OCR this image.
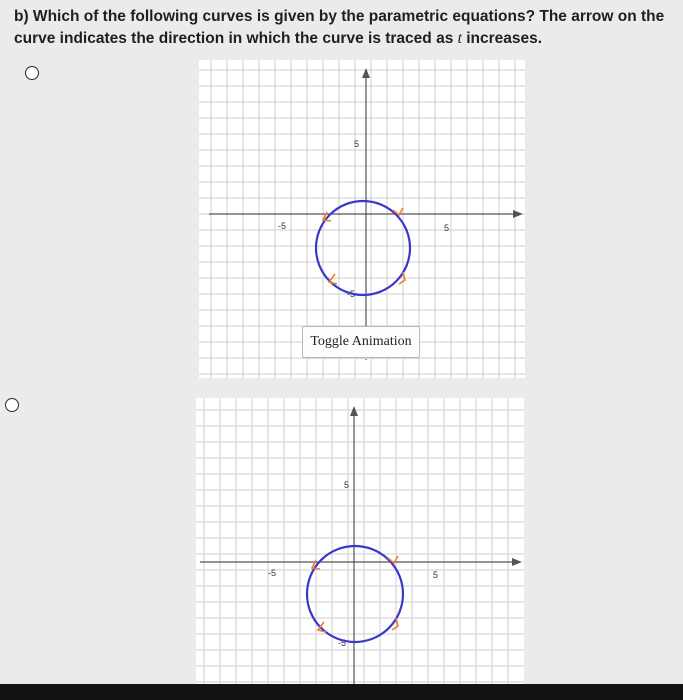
b) Which of the following curves is given by the parametric equations? The arrow on the curve indicates the direction in which the curve is traced as t increases.

5
-5	5
-5
Toggle Animation
5
-5	5
-5
